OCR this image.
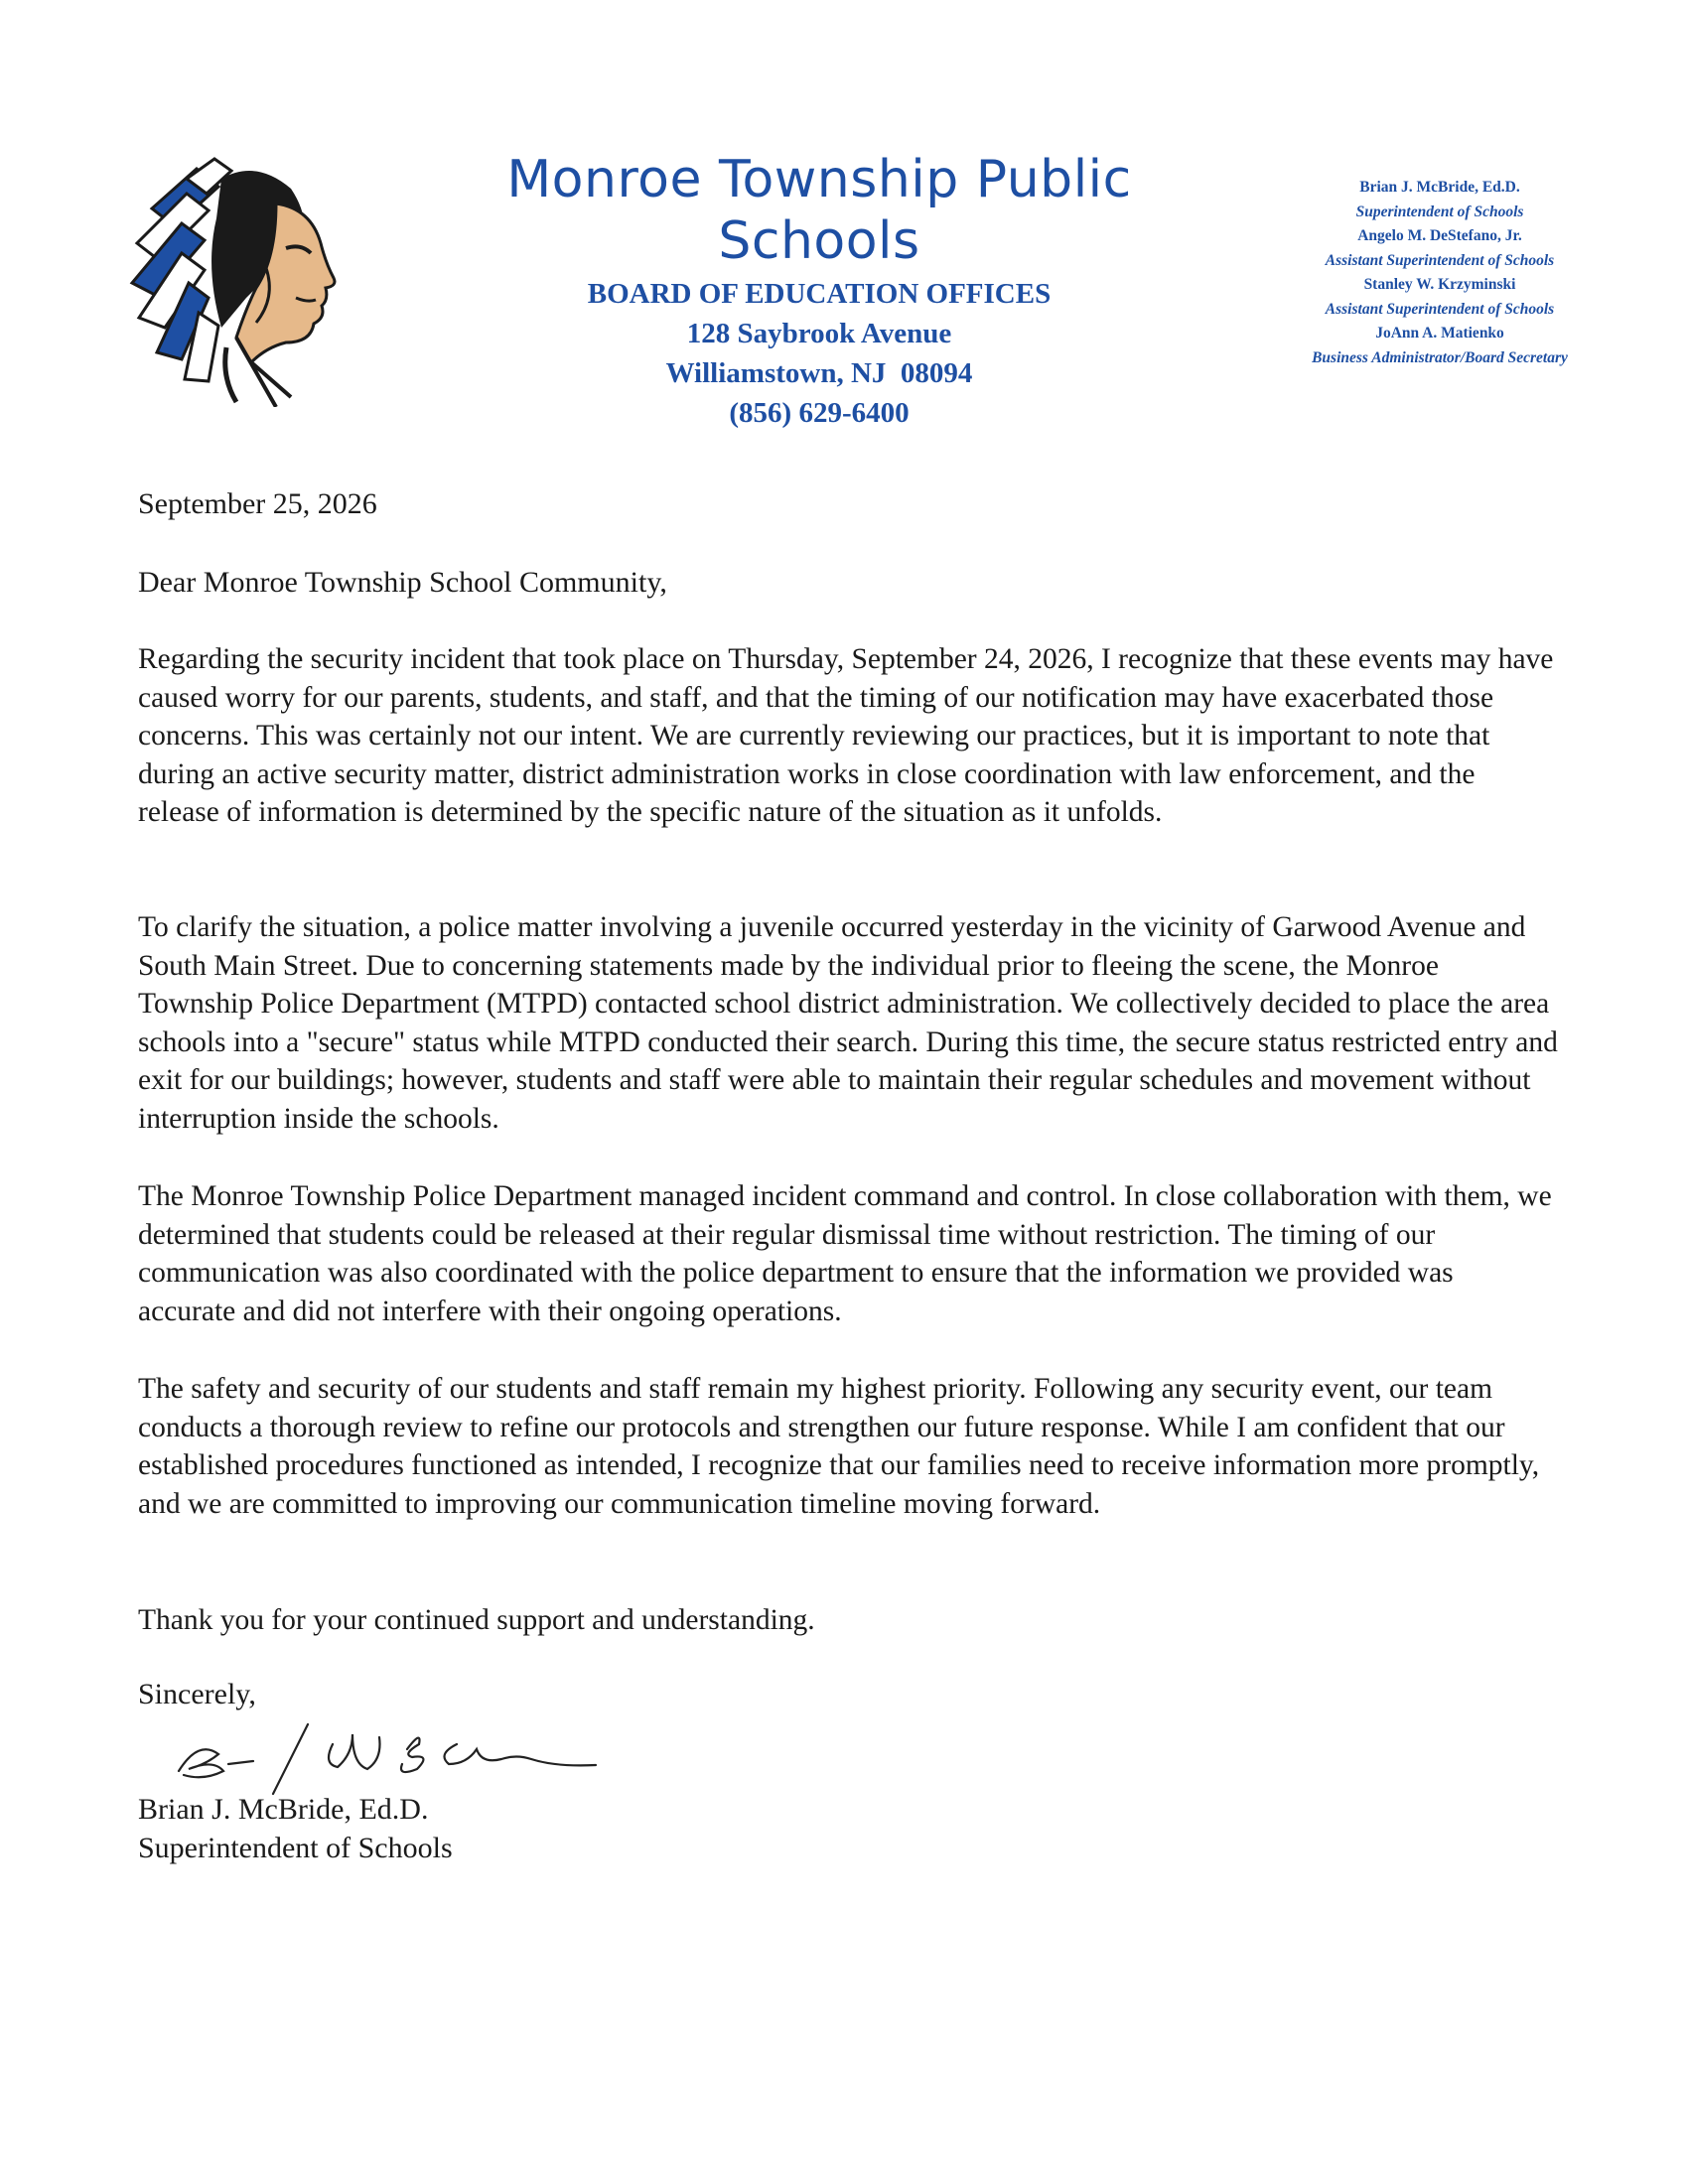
Monroe Township Public Schools
BOARD OF EDUCATION OFFICES
128 Saybrook Avenue
Williamstown, NJ  08094
(856) 629-6400
Brian J. McBride, Ed.D.
Superintendent of Schools
Angelo M. DeStefano, Jr.
Assistant Superintendent of Schools
Stanley W. Krzyminski
Assistant Superintendent of Schools
JoAnn A. Matienko
Business Administrator/Board Secretary
September 25, 2026
Dear Monroe Township School Community,
Regarding the security incident that took place on Thursday, September 24, 2026, I recognize that these events may have caused worry for our parents, students, and staff, and that the timing of our notification may have exacerbated those concerns. This was certainly not our intent. We are currently reviewing our practices, but it is important to note that during an active security matter, district administration works in close coordination with law enforcement, and the release of information is determined by the specific nature of the situation as it unfolds.
To clarify the situation, a police matter involving a juvenile occurred yesterday in the vicinity of Garwood Avenue and South Main Street. Due to concerning statements made by the individual prior to fleeing the scene, the Monroe Township Police Department (MTPD) contacted school district administration. We collectively decided to place the area schools into a "secure" status while MTPD conducted their search. During this time, the secure status restricted entry and exit for our buildings; however, students and staff were able to maintain their regular schedules and movement without interruption inside the schools.
The Monroe Township Police Department managed incident command and control. In close collaboration with them, we determined that students could be released at their regular dismissal time without restriction. The timing of our communication was also coordinated with the police department to ensure that the information we provided was accurate and did not interfere with their ongoing operations.
The safety and security of our students and staff remain my highest priority. Following any security event, our team conducts a thorough review to refine our protocols and strengthen our future response. While I am confident that our established procedures functioned as intended, I recognize that our families need to receive information more promptly, and we are committed to improving our communication timeline moving forward.
Thank you for your continued support and understanding.
Sincerely,
Brian J. McBride, Ed.D.
Superintendent of Schools
